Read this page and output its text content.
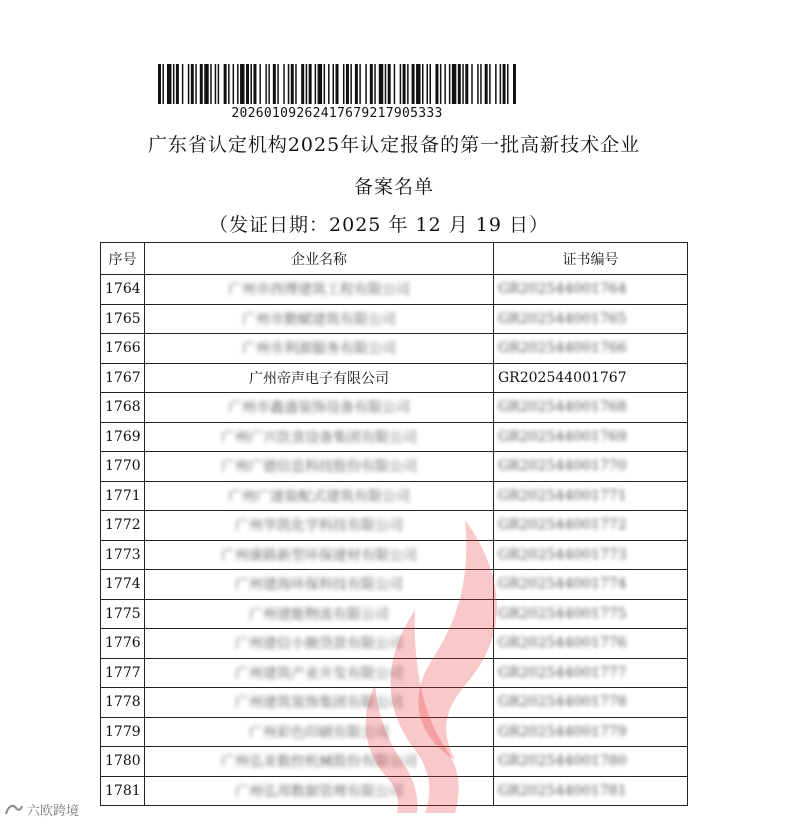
20260109262417679217905333
广东省认定机构2025年认定报备的第一批高新技术企业
备案名单
（发证日期：2025 年 12 月 19 日）
序号	企业名称	证书编号
1764	广州市西博建筑工程有限公司	GR202544001764
1765	广州市勤赋建筑有限公司	GR202544001765
1766	广州市利源服务有限公司	GR202544001766
1767	广州帝声电子有限公司	GR202544001767
1768	广州市鑫盛装饰设备有限公司	GR202544001768
1769	广州广兴饮食设备集团有限公司	GR202544001769
1770	广州广德信息科技股份有限公司	GR202544001770
1771	广州广速装配式建筑有限公司	GR202544001771
1772	广州华凯化学科技有限公司	GR202544001772
1773	广州康路新型环保建材有限公司	GR202544001773
1774	广州建海环保科技有限公司	GR202544001774
1775	广州建能物流有限公司	GR202544001775
1776	广州建信小额贷款有限公司	GR202544001776
1777	广州建筑产业开发有限公司	GR202544001777
1778	广州建筑装饰集团有限公司	GR202544001778
1779	广州彩色印刷有限公司	GR202544001779
1780	广州弘亚数控机械股份有限公司	GR202544001780
1781	广州弘邦数据管理有限公司	GR202544001781
六欧跨境
